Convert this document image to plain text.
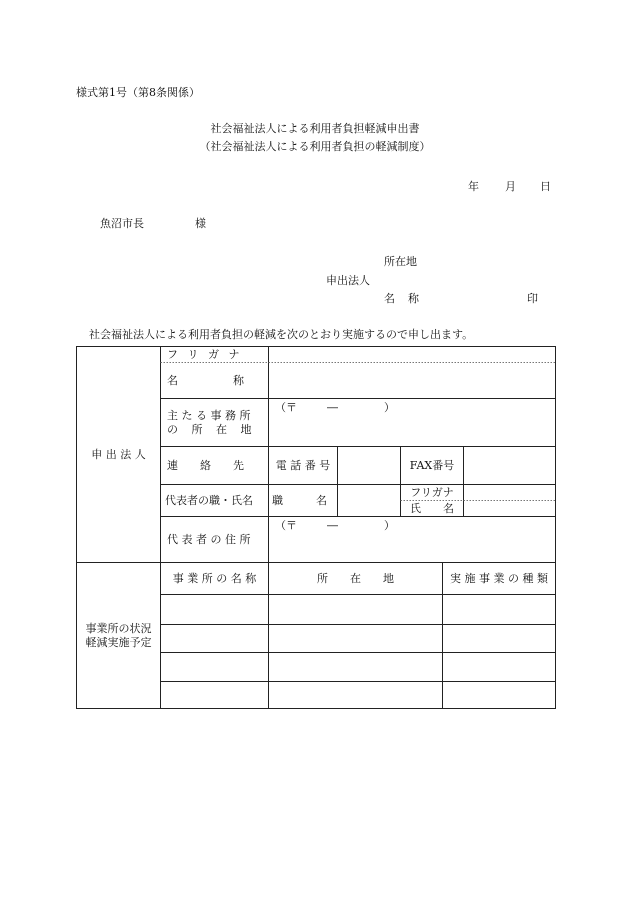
様式第1号（第8条関係）
社会福祉法人による利用者負担軽減申出書
（社会福祉法人による利用者負担の軽減制度）
年 月 日
魚沼市長	様
所在地
申出法人
名 称	印
社会福祉法人による利用者負担の軽減を次のとおり実施するので申し出ます。
申 出 法 人
フ リ ガ ナ
名　　　　　称
主 た る 事 務 所
の 所 在 地
（〒	―	）
連　　絡　　先	電 話 番 号	FAX番号
代表者の職・氏名 職　　　名
フリガナ
氏　　名
代 表 者 の 住 所
（〒	―	）
事業所の状況
軽減実施予定
事 業 所 の 名 称	所　　在　　地	実 施 事 業 の 種 類
